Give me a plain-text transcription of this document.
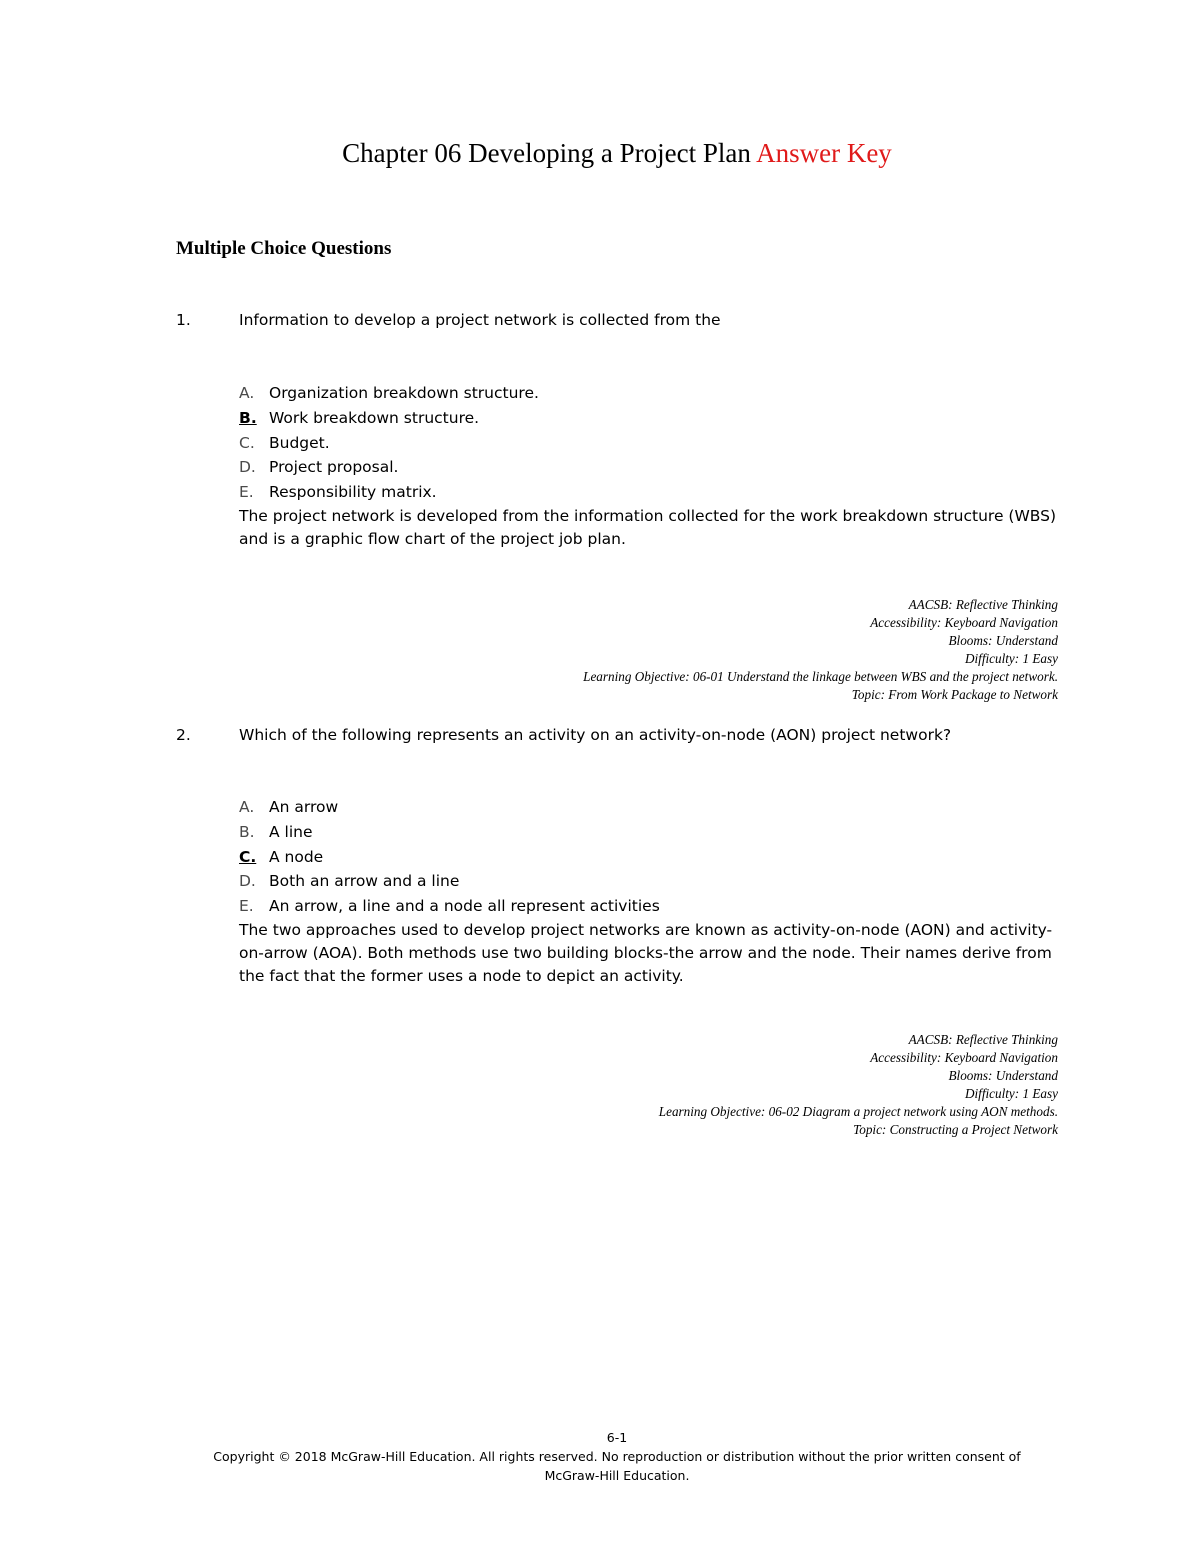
Chapter 06 Developing a Project Plan Answer Key
Multiple Choice Questions
1.	Information to develop a project network is collected from the
A. Organization breakdown structure.
B. Work breakdown structure.
C. Budget.
D. Project proposal.
E. Responsibility matrix.

The project network is developed from the information collected for the work breakdown structure (WBS) and is a graphic flow chart of the project job plan.

AACSB: Reflective Thinking
Accessibility: Keyboard Navigation
Blooms: Understand
Difficulty: 1 Easy
Learning Objective: 06-01 Understand the linkage between WBS and the project network.
Topic: From Work Package to Network
2.	Which of the following represents an activity on an activity-on-node (AON) project network?
A. An arrow
B. A line
C. A node
D. Both an arrow and a line
E. An arrow, a line and a node all represent activities

The two approaches used to develop project networks are known as activity-on-node (AON) and activity-on-arrow (AOA). Both methods use two building blocks-the arrow and the node. Their names derive from the fact that the former uses a node to depict an activity.

AACSB: Reflective Thinking
Accessibility: Keyboard Navigation
Blooms: Understand
Difficulty: 1 Easy
Learning Objective: 06-02 Diagram a project network using AON methods.
Topic: Constructing a Project Network
6-1
Copyright © 2018 McGraw-Hill Education. All rights reserved. No reproduction or distribution without the prior written consent of
McGraw-Hill Education.
